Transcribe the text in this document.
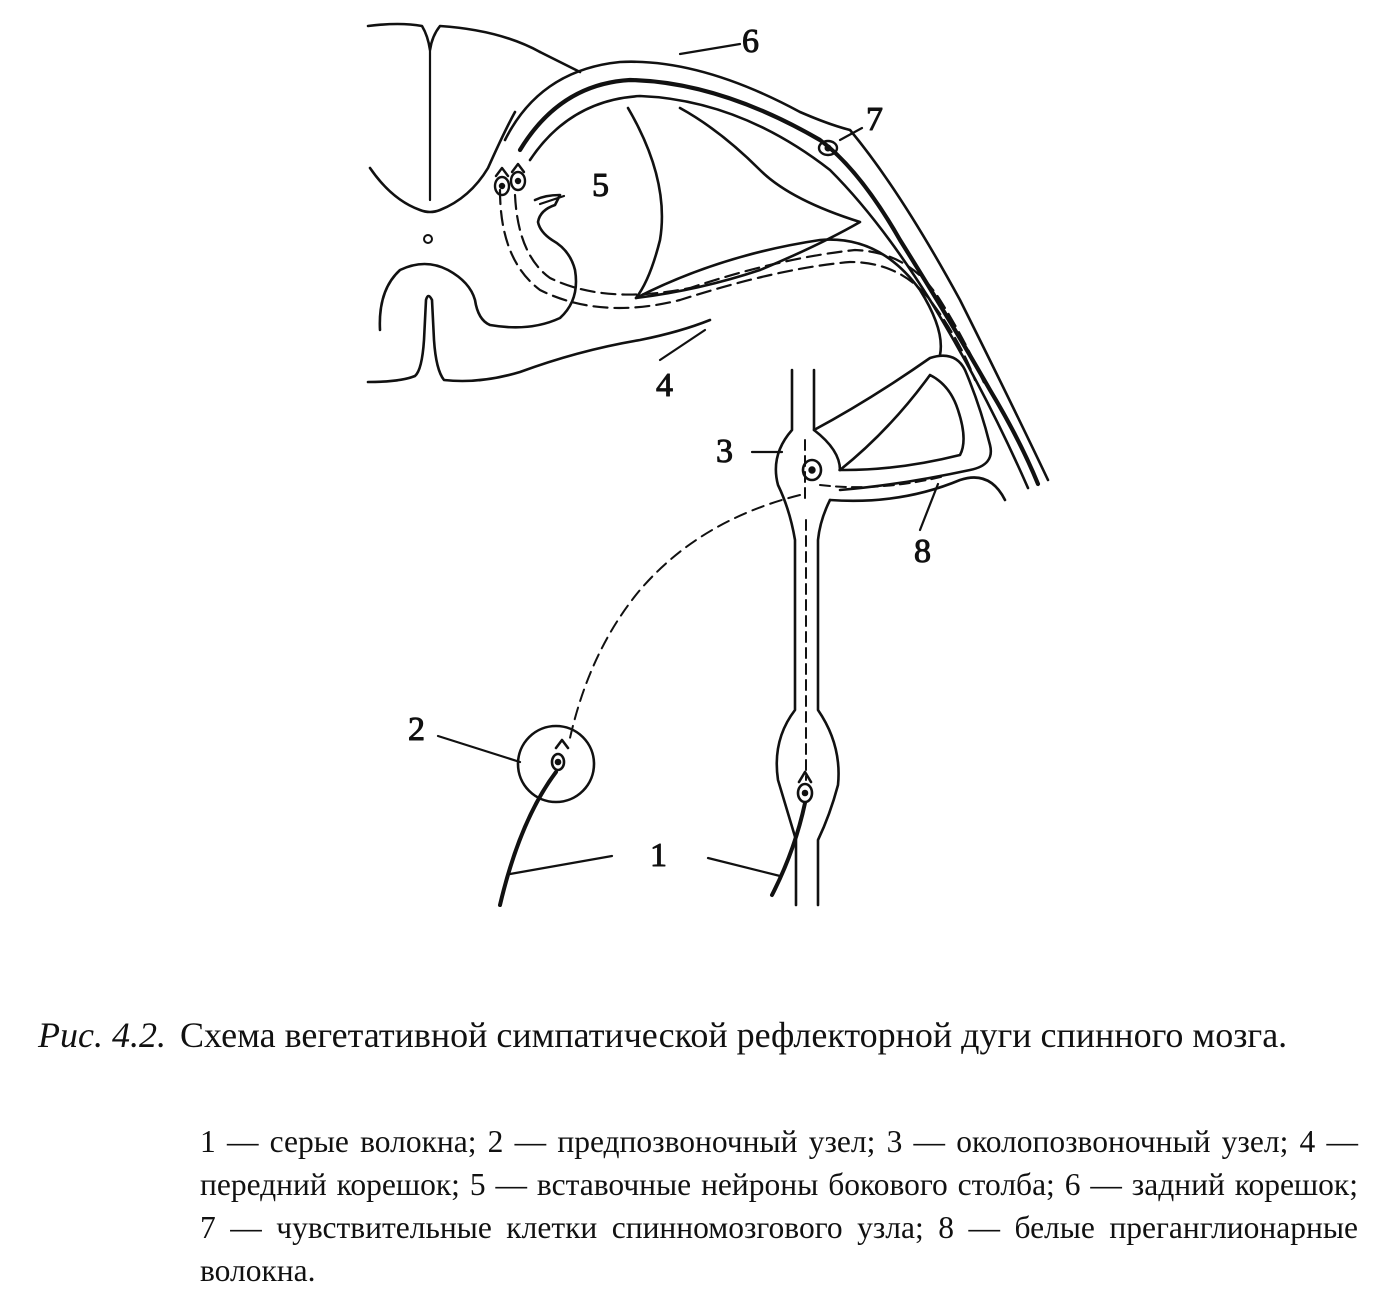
6
7
5
4
3
8
2
1
Рис. 4.2. Схема вегетативной симпатической рефлекторной дуги спинного мозга.
1 — серые волокна; 2 — предпозвоночный узел; 3 — околопозвоночный узел; 4 — передний корешок; 5 — вставочные нейроны бокового столба; 6 — задний корешок; 7 — чувствительные клетки спинномозгового узла; 8 — белые преганглионарные волокна.
